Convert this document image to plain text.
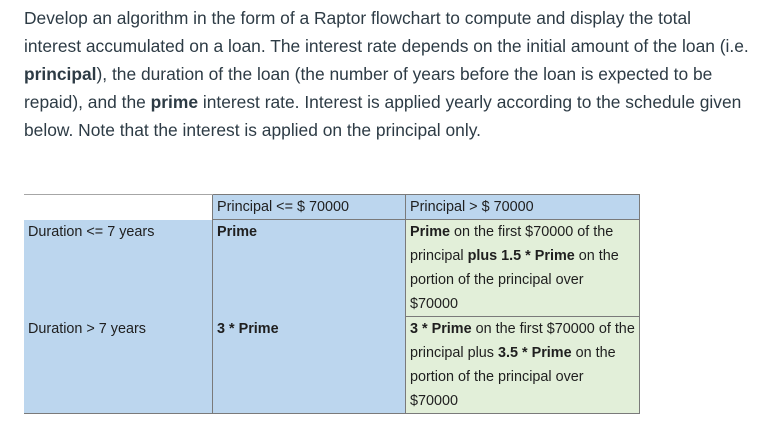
Develop an algorithm in the form of a Raptor flowchart to compute and display the total interest accumulated on a loan. The interest rate depends on the initial amount of the loan (i.e. principal), the duration of the loan (the number of years before the loan is expected to be repaid), and the prime interest rate. Interest is applied yearly according to the schedule given below. Note that the interest is applied on the principal only.

	Principal <= $ 70000	Principal > $ 70000
Duration <= 7 years	Prime	Prime on the first $70000 of the principal plus 1.5 * Prime on the portion of the principal over $70000
Duration > 7 years	3 * Prime	3 * Prime on the first $70000 of the principal plus 3.5 * Prime on the portion of the principal over $70000
